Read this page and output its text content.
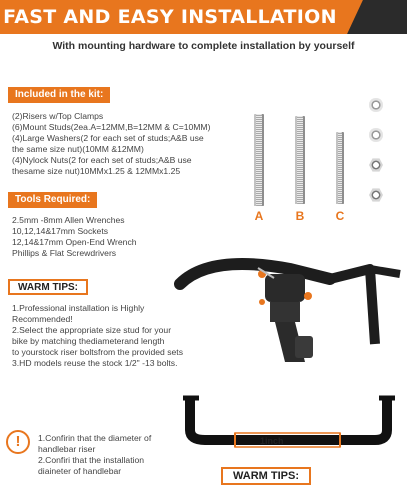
FAST AND EASY INSTALLATION
With mounting hardware to complete installation by yourself
Included in the kit:
(2)Risers w/Top Clamps
(6)Mount Studs(2ea.A=12MM,B=12MM & C=10MM)
(4)Large Washers(2 for each set of studs;A&B use
the same size nut)(10MM &12MM)
(4)Nylock Nuts(2 for each set of studs;A&B use
thesame size nut)10MMx1.25 & 12MMx1.25
Tools Required:
2.5mm -8mm Allen Wrenches
10,12,14&17mm Sockets
12,14&17mm Open-End Wrench
Phillips & Flat Screwdrivers
WARM TIPS:
1.Professional installation is Highly
Recommended!
2.Select the appropriate size stud for your
bike by matching thediameterand length
to yourstock riser boltsfrom the provided sets
3.HD models reuse the stock 1/2" -13 bolts.
A	B	C
1inch
!	1.Confirin that the diameter of
handlebar riser
2.Confiri that the installation
diaineter of handlebar	WARM TIPS:
